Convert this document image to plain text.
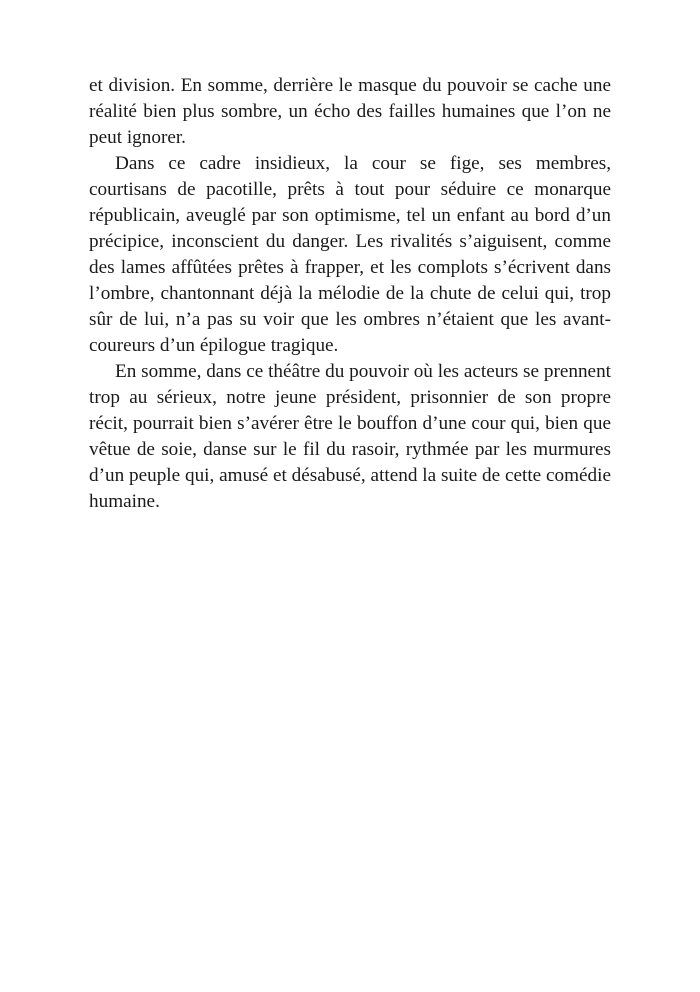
et division. En somme, derrière le masque du pouvoir se cache une réalité bien plus sombre, un écho des failles humaines que l’on ne peut ignorer.

Dans ce cadre insidieux, la cour se fige, ses membres, courtisans de pacotille, prêts à tout pour séduire ce monarque républicain, aveuglé par son optimisme, tel un enfant au bord d’un précipice, inconscient du danger. Les rivalités s’aiguisent, comme des lames affûtées prêtes à frapper, et les complots s’écrivent dans l’ombre, chantonnant déjà la mélodie de la chute de celui qui, trop sûr de lui, n’a pas su voir que les ombres n’étaient que les avant-coureurs d’un épilogue tragique.

En somme, dans ce théâtre du pouvoir où les acteurs se prennent trop au sérieux, notre jeune président, prisonnier de son propre récit, pourrait bien s’avérer être le bouffon d’une cour qui, bien que vêtue de soie, danse sur le fil du rasoir, rythmée par les murmures d’un peuple qui, amusé et désabusé, attend la suite de cette comédie humaine.
